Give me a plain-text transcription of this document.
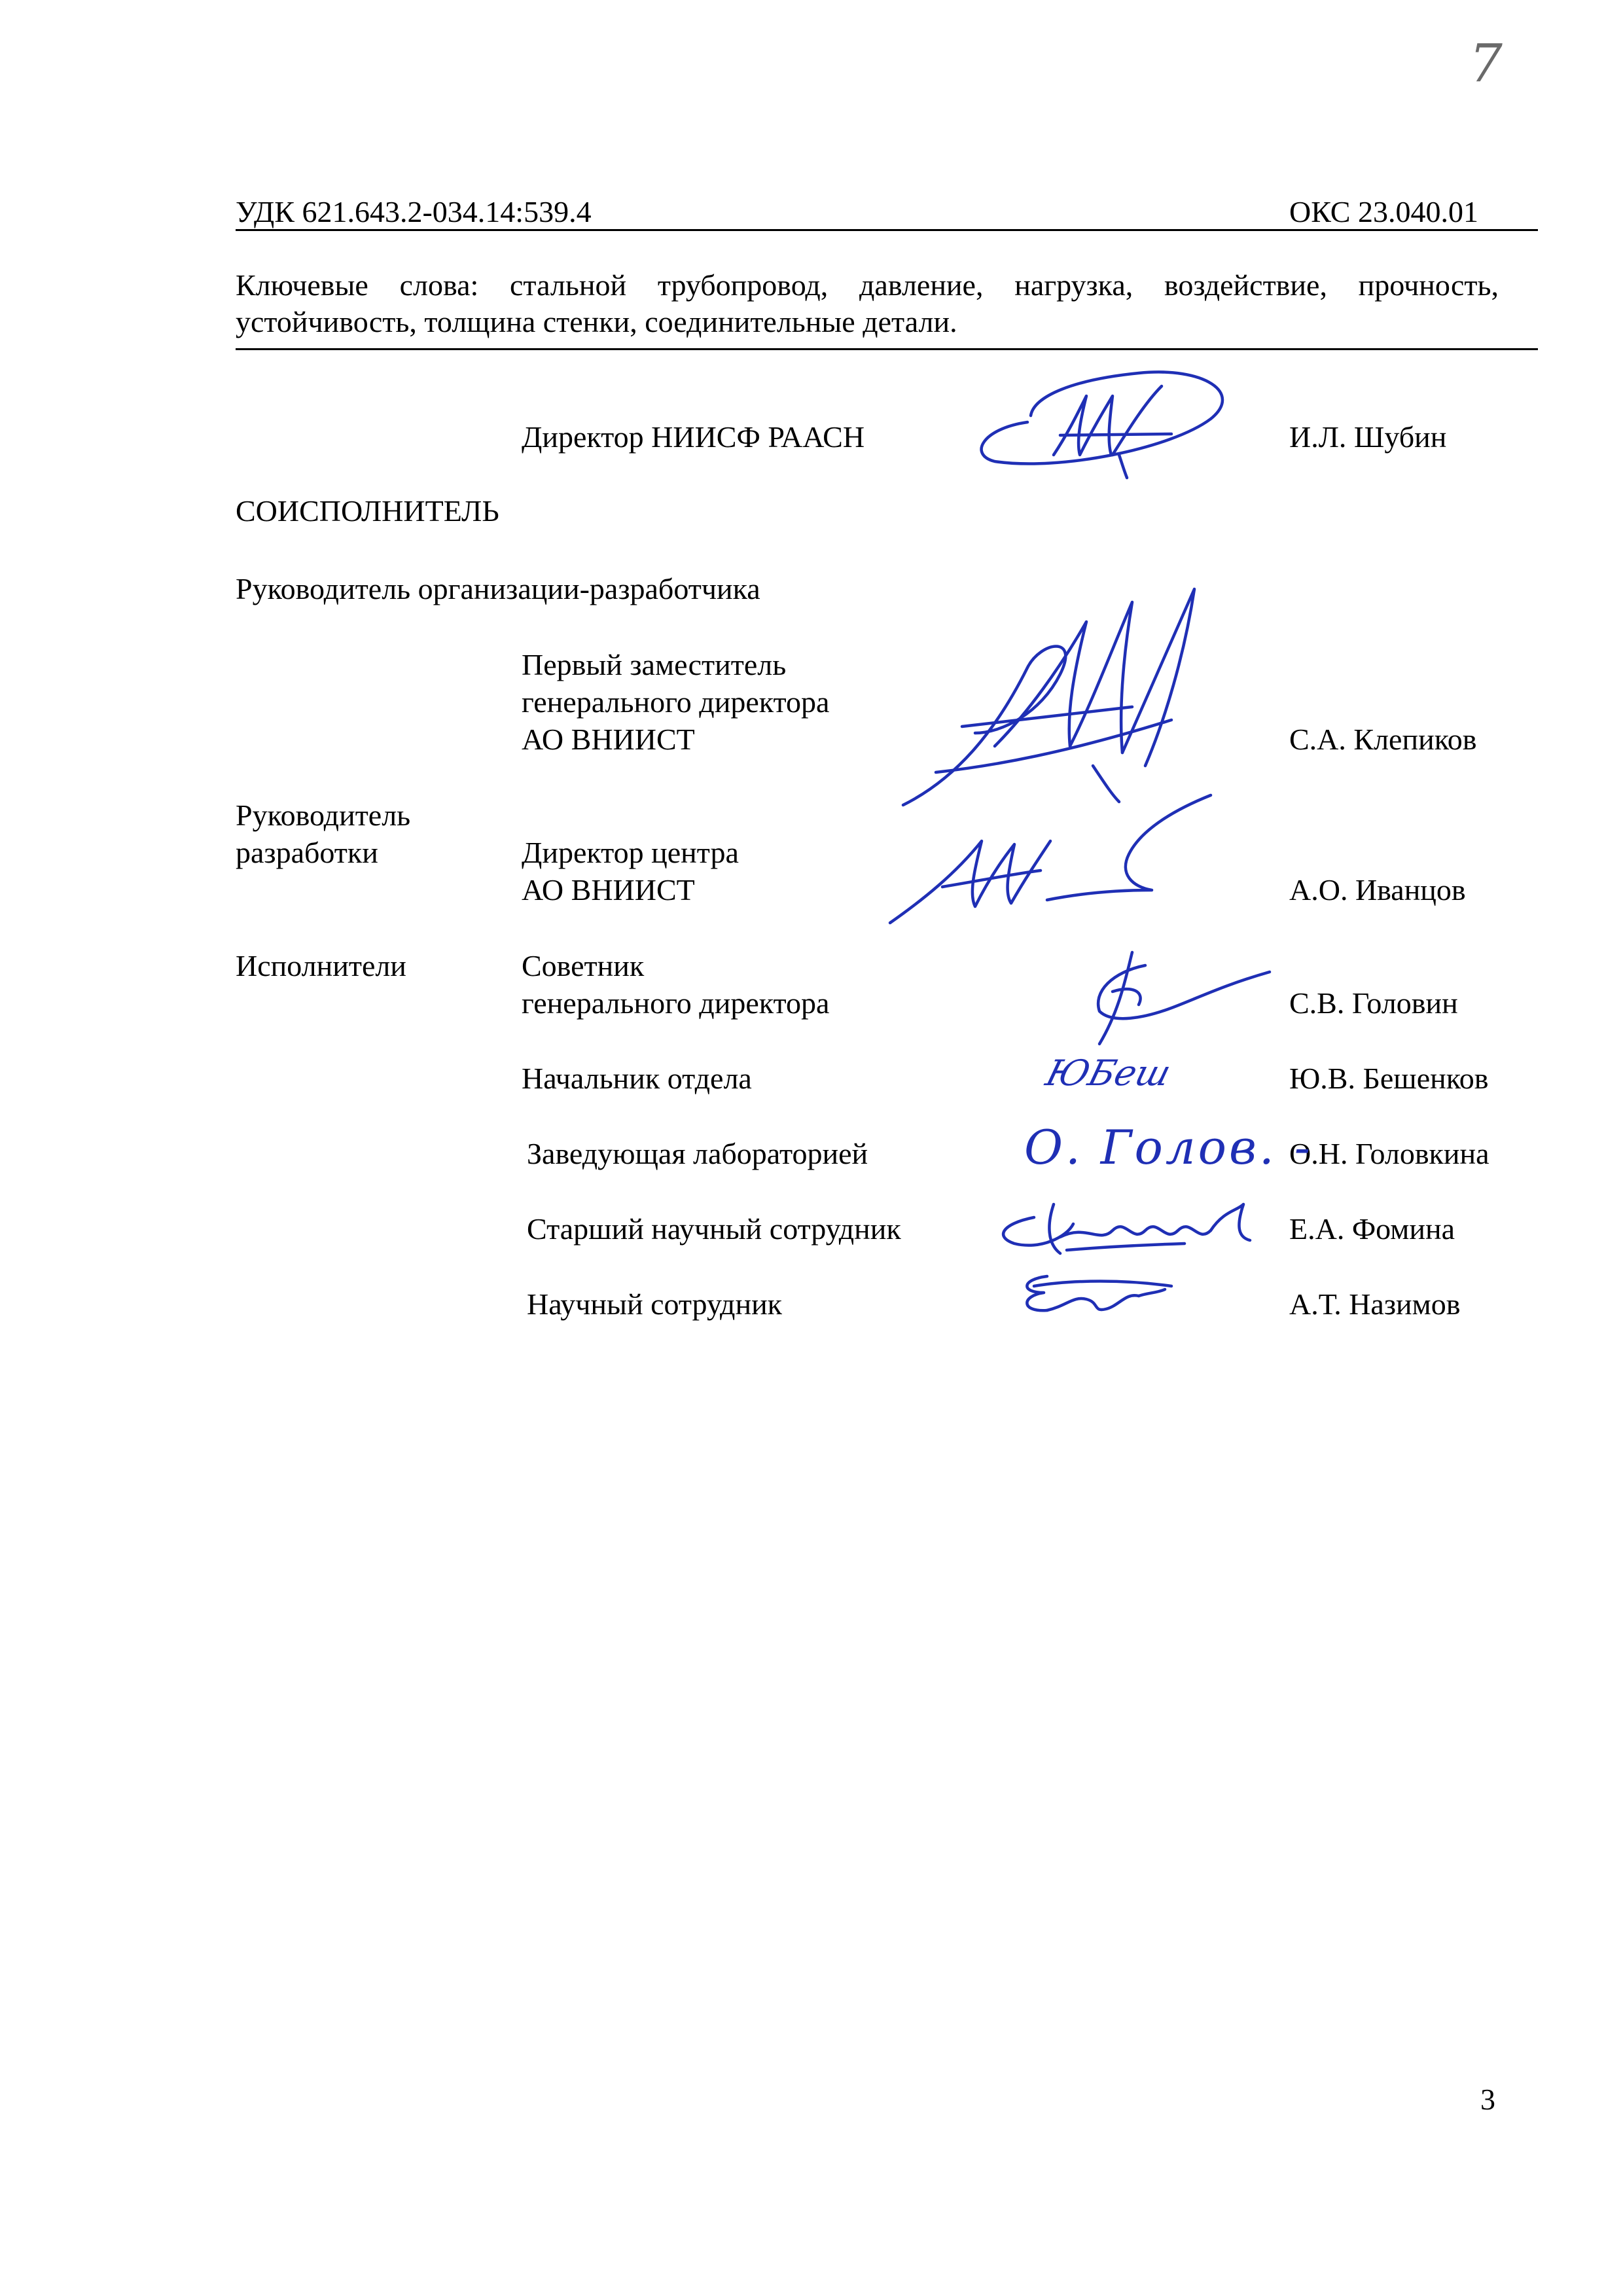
7
УДК 621.643.2-034.14:539.4	ОКС 23.040.01
Ключевые слова: стальной трубопровод, давление, нагрузка, воздействие, прочность, устойчивость, толщина стенки, соединительные детали.
Директор НИИСФ РААСН	И.Л. Шубин
СОИСПОЛНИТЕЛЬ
Руководитель организации-разработчика
Первый заместитель
генерального директора
АО ВНИИСТ	С.А. Клепиков
Руководитель
разработки	Директор центра
АО ВНИИСТ	А.О. Иванцов
Исполнители	Советник
генерального директора	С.В. Головин
Начальник отдела	Ю.В. Бешенков
ЮБеш
Заведующая лабораторией	О.Н. Головкина
О. Голов. -
Старший научный сотрудник	Е.А. Фомина
Научный сотрудник	А.Т. Назимов
3
